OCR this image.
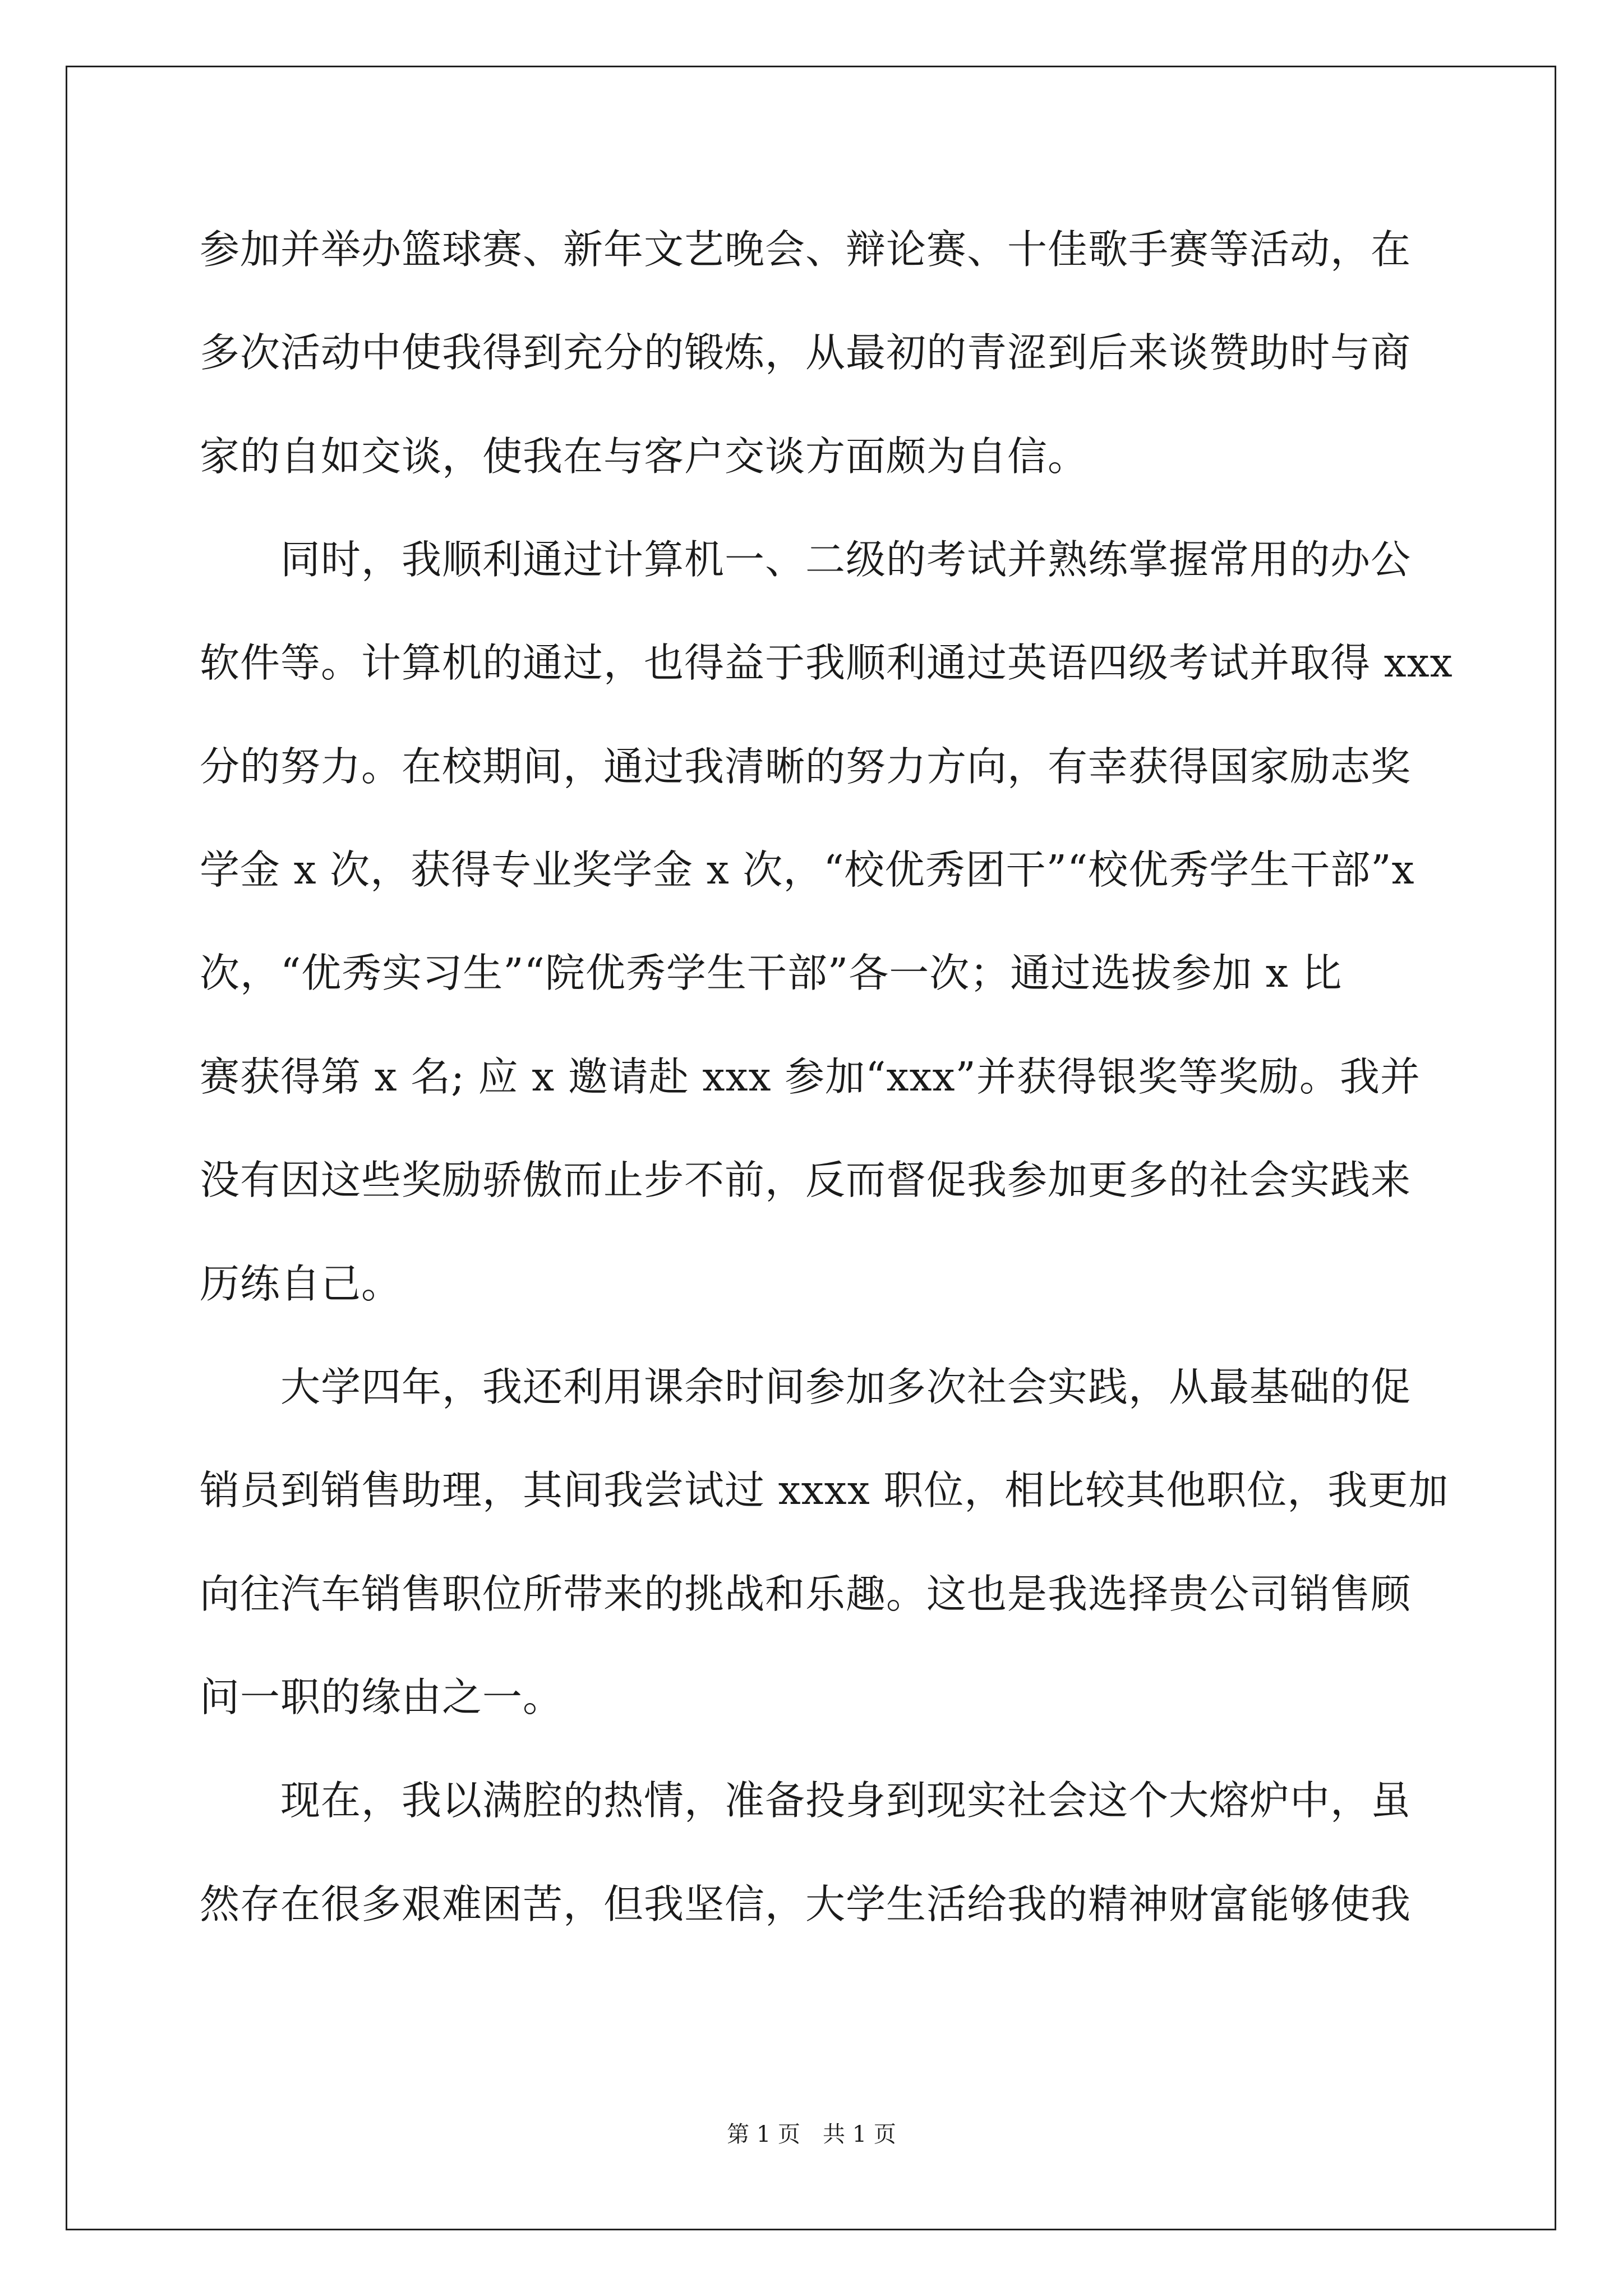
参加并举办篮球赛、新年文艺晚会、辩论赛、十佳歌手赛等活动，在
多次活动中使我得到充分的锻炼，从最初的青涩到后来谈赞助时与商
家的自如交谈，使我在与客户交谈方面颇为自信。
　　同时，我顺利通过计算机一、二级的考试并熟练掌握常用的办公
软件等。计算机的通过，也得益于我顺利通过英语四级考试并取得 xxx
分的努力。在校期间，通过我清晰的努力方向，有幸获得国家励志奖
学金 x 次，获得专业奖学金 x 次，“校优秀团干”“校优秀学生干部”x
次，“优秀实习生”“院优秀学生干部”各一次；通过选拔参加 x 比
赛获得第 x 名; 应 x 邀请赴 xxx 参加“xxx”并获得银奖等奖励。我并
没有因这些奖励骄傲而止步不前，反而督促我参加更多的社会实践来
历练自己。
　　大学四年，我还利用课余时间参加多次社会实践，从最基础的促
销员到销售助理，其间我尝试过 xxxx 职位，相比较其他职位，我更加
向往汽车销售职位所带来的挑战和乐趣。这也是我选择贵公司销售顾
问一职的缘由之一。
　　现在，我以满腔的热情，准备投身到现实社会这个大熔炉中，虽
然存在很多艰难困苦，但我坚信，大学生活给我的精神财富能够使我
第 1 页　共 1 页
